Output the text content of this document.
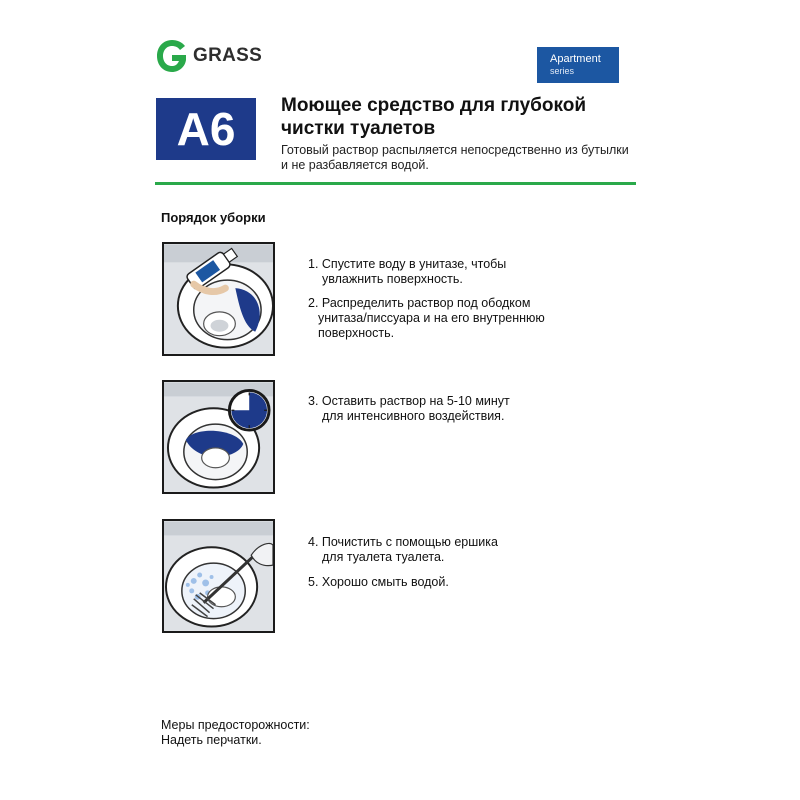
GRASS	Apartment
series
A6	Моющее средство для глубокой
чистки туалетов
Готовый раствор распыляется непосредственно из бутылки
и не разбавляется водой.
Порядок уборки
1. Спустите воду в унитазе, чтобы
увлажнить поверхность.
2. Распределить раствор под ободком
унитаза/писсуара и на его внутреннюю
поверхность.
3. Оставить раствор на 5-10 минут
для интенсивного воздействия.
4. Почистить с помощью ершика
для туалета туалета.
5. Хорошо смыть водой.
Меры предосторожности:
Надеть перчатки.
